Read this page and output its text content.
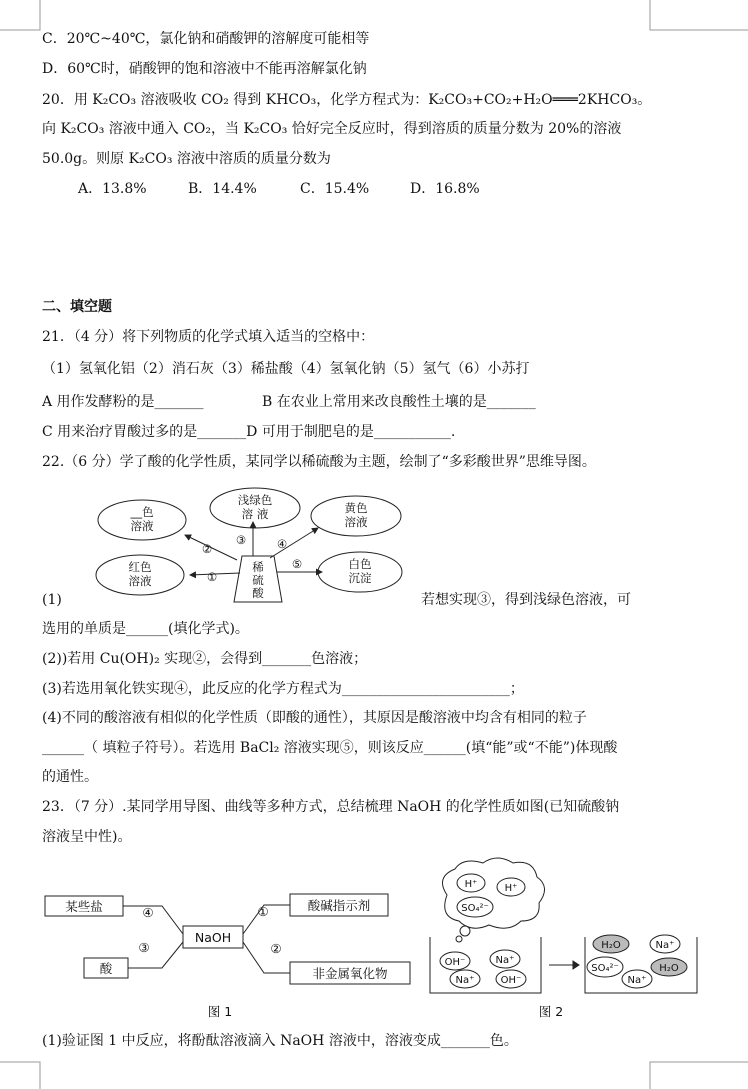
C．20℃~40℃，氯化钠和硝酸钾的溶解度可能相等
D．60℃时，硝酸钾的饱和溶液中不能再溶解氯化钠
20．用 K₂CO₃ 溶液吸收 CO₂ 得到 KHCO₃，化学方程式为：K₂CO₃+CO₂+H₂O═══2KHCO₃。
向 K₂CO₃ 溶液中通入 CO₂，当 K₂CO₃ 恰好完全反应时，得到溶质的质量分数为 20%的溶液
50.0g。则原 K₂CO₃ 溶液中溶质的质量分数为
A．13.8%	B．14.4%	C．15.4%	D．16.8%
二、填空题
21．（4 分）将下列物质的化学式填入适当的空格中：
（1）氢氧化铝（2）消石灰（3）稀盐酸（4）氢氧化钠（5）氢气（6）小苏打
A 用作发酵粉的是_______	B 在农业上常用来改良酸性土壤的是_______
C 用来治疗胃酸过多的是_______D 可用于制肥皂的是___________.
22.（6 分）学了酸的化学性质，某同学以稀硫酸为主题，绘制了“多彩酸世界”思维导图。
红色
溶液
__色
溶液
浅绿色
溶 液	黄色
溶液
白色
沉淀
稀
硫
酸
①
②
③	④
⑤
(1)	若想实现③，得到浅绿色溶液，可
选用的单质是______(填化学式)。
(2))若用 Cu(OH)₂ 实现②，会得到_______色溶液；
(3)若选用氧化铁实现④，此反应的化学方程式为________________________；
(4)不同的酸溶液有相似的化学性质（即酸的通性），其原因是酸溶液中均含有相同的粒子
______（ 填粒子符号）。若选用 BaCl₂ 溶液实现⑤，则该反应______(填“能”或“不能”)体现酸
的通性。
23．（7 分）.某同学用导图、曲线等多种方式，总结梳理 NaOH 的化学性质如图(已知硫酸钠
溶液呈中性)。
某些盐
酸
NaOH
酸碱指示剂
非金属氧化物
①
②
③
④
图 1
H⁺	H⁺
SO₄²⁻
OH⁻	Na⁺
Na⁺	OH⁻
H₂O	Na⁺
SO₄²⁻	H₂O
Na⁺
图 2
(1)验证图 1 中反应，将酚酞溶液滴入 NaOH 溶液中，溶液变成_______色。
